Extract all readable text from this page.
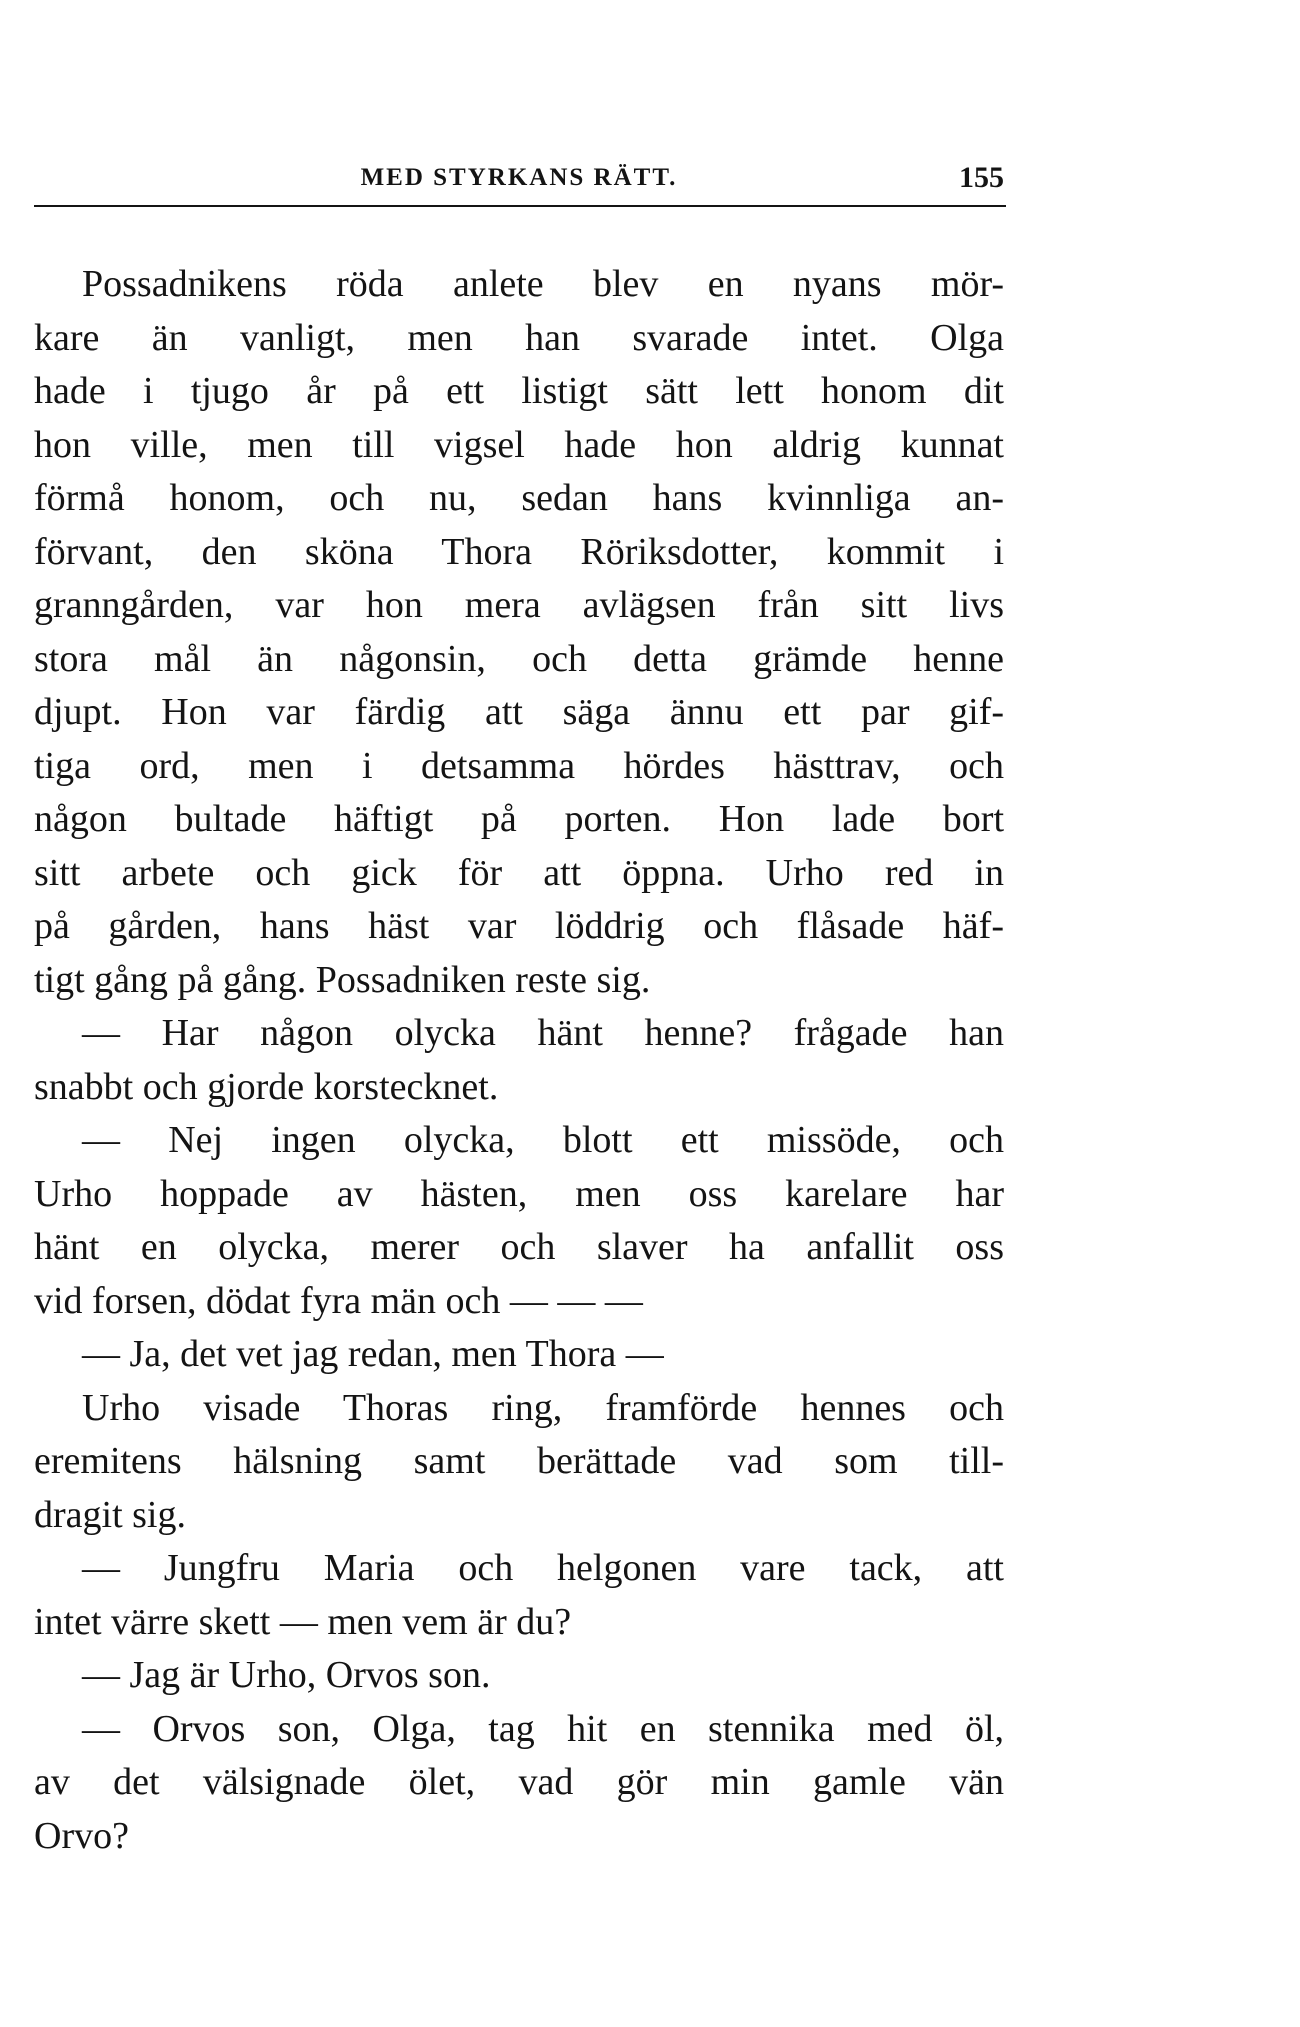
MED STYRKANS RÄTT.	155
Possadnikens röda anlete blev en nyans mör-
kare än vanligt, men han svarade intet. Olga
hade i tjugo år på ett listigt sätt lett honom dit
hon ville, men till vigsel hade hon aldrig kunnat
förmå honom, och nu, sedan hans kvinnliga an-
förvant, den sköna Thora Röriksdotter, kommit i
granngården, var hon mera avlägsen från sitt livs
stora mål än någonsin, och detta grämde henne
djupt. Hon var färdig att säga ännu ett par gif-
tiga ord, men i detsamma hördes hästtrav, och
någon bultade häftigt på porten. Hon lade bort
sitt arbete och gick för att öppna. Urho red in
på gården, hans häst var löddrig och flåsade häf-
tigt gång på gång. Possadniken reste sig.
— Har någon olycka hänt henne? frågade han
snabbt och gjorde korstecknet.
— Nej ingen olycka, blott ett missöde, och
Urho hoppade av hästen, men oss karelare har
hänt en olycka, merer och slaver ha anfallit oss
vid forsen, dödat fyra män och — — —
— Ja, det vet jag redan, men Thora —
Urho visade Thoras ring, framförde hennes och
eremitens hälsning samt berättade vad som till-
dragit sig.
— Jungfru Maria och helgonen vare tack, att
intet värre skett — men vem är du?
— Jag är Urho, Orvos son.
— Orvos son, Olga, tag hit en stennika med öl,
av det välsignade ölet, vad gör min gamle vän
Orvo?
